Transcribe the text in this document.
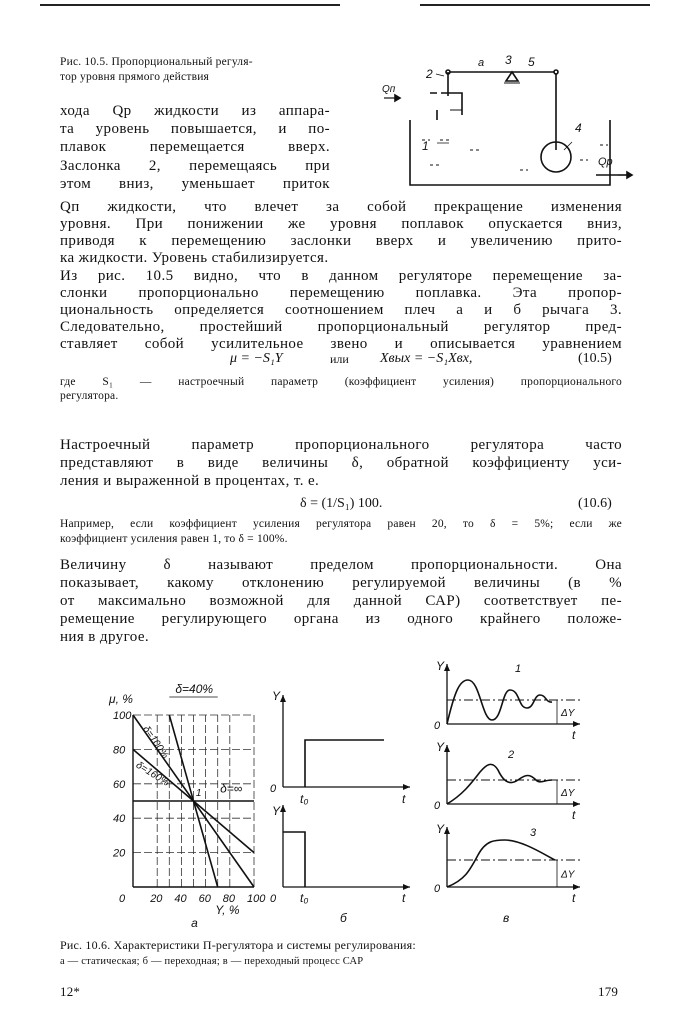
Рис. 10.5. Пропорциональный регуля-
тор уровня прямого действия
a 3 5
2
4
1
Qп
Qp
хода Qр жидкости из аппара-
та уровень повышается, и по-
плавок перемещается вверх.
Заслонка 2, перемещаясь при
этом вниз, уменьшает приток
Qп жидкости, что влечет за собой прекращение изменения
уровня. При понижении же уровня поплавок опускается вниз,
приводя к перемещению заслонки вверх и увеличению прито-
ка жидкости. Уровень стабилизируется.
Из рис. 10.5 видно, что в данном регуляторе перемещение за-
слонки пропорционально перемещению поплавка. Эта пропор-
циональность определяется соотношением плеч a и б рычага 3.
Следовательно, простейший пропорциональный регулятор пред-
ставляет собой усилительное звено и описывается уравнением
где S₁ — настроечный параметр (коэффициент усиления) пропорционального
регулятора.
Настроечный параметр пропорционального регулятора часто
представляют в виде величины δ, обратной коэффициенту уси-
ления и выраженной в процентах, т. е.
Например, если коэффициент усиления регулятора равен 20, то δ = 5%; если же
коэффициент усиления равен 1, то δ = 100%.
Величину δ называют пределом пропорциональности. Она
показывает, какому отклонению регулируемой величины (в %
от максимально возможной для данной САР) соответствует пе-
ремещение регулирующего органа из одного крайнего положе-
ния в другое.
μ = −S₁Y	или Xвых = −S₁Xвх,	(10.5)
δ = (1/S₁) 100.	(10.6)
20 40 60 80 100
20
40
60
80
100
0
Y, %
μ, %
δ=40%
δ=100%
δ=160%	δ=∞
1
а
Y
0
t₀	t
Y
0 t₀	t
б
ΔY
Y
0
t
1
ΔY
Y
0
t
2
ΔY
Y
0
t
3
в
Рис. 10.6. Характеристики П-регулятора и системы регулирования:
а — статическая; б — переходная; в — переходный процесс САР
12*	179
